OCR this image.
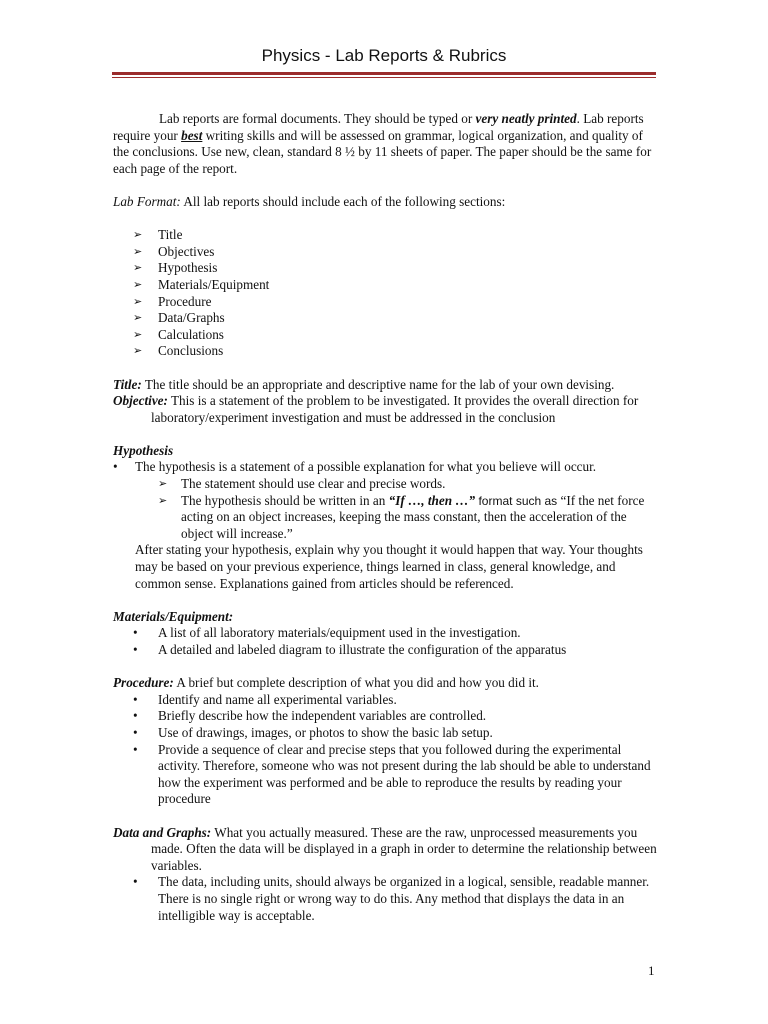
Physics - Lab Reports & Rubrics

Lab reports are formal documents. They should be typed or very neatly printed. Lab reports require your best writing skills and will be assessed on grammar, logical organization, and quality of the conclusions. Use new, clean, standard 8 ½ by 11 sheets of paper. The paper should be the same for each page of the report.

Lab Format: All lab reports should include each of the following sections:

➢ Title
➢ Objectives
➢ Hypothesis
➢ Materials/Equipment
➢ Procedure
➢ Data/Graphs
➢ Calculations
➢ Conclusions

Title: The title should be an appropriate and descriptive name for the lab of your own devising.

Objective: This is a statement of the problem to be investigated. It provides the overall direction for laboratory/experiment investigation and must be addressed in the conclusion

Hypothesis

• The hypothesis is a statement of a possible explanation for what you believe will occur.
➢ The statement should use clear and precise words.
➢ The hypothesis should be written in an “If …, then …” format such as “If the net force acting on an object increases, keeping the mass constant, then the acceleration of the object will increase.”

After stating your hypothesis, explain why you thought it would happen that way. Your thoughts may be based on your previous experience, things learned in class, general knowledge, and common sense. Explanations gained from articles should be referenced.

Materials/Equipment:

• A list of all laboratory materials/equipment used in the investigation.
• A detailed and labeled diagram to illustrate the configuration of the apparatus

Procedure: A brief but complete description of what you did and how you did it.

• Identify and name all experimental variables.
• Briefly describe how the independent variables are controlled.
• Use of drawings, images, or photos to show the basic lab setup.
• Provide a sequence of clear and precise steps that you followed during the experimental activity. Therefore, someone who was not present during the lab should be able to understand how the experiment was performed and be able to reproduce the results by reading your procedure

Data and Graphs: What you actually measured. These are the raw, unprocessed measurements you made. Often the data will be displayed in a graph in order to determine the relationship between variables.

• The data, including units, should always be organized in a logical, sensible, readable manner. There is no single right or wrong way to do this. Any method that displays the data in an intelligible way is acceptable.
1
